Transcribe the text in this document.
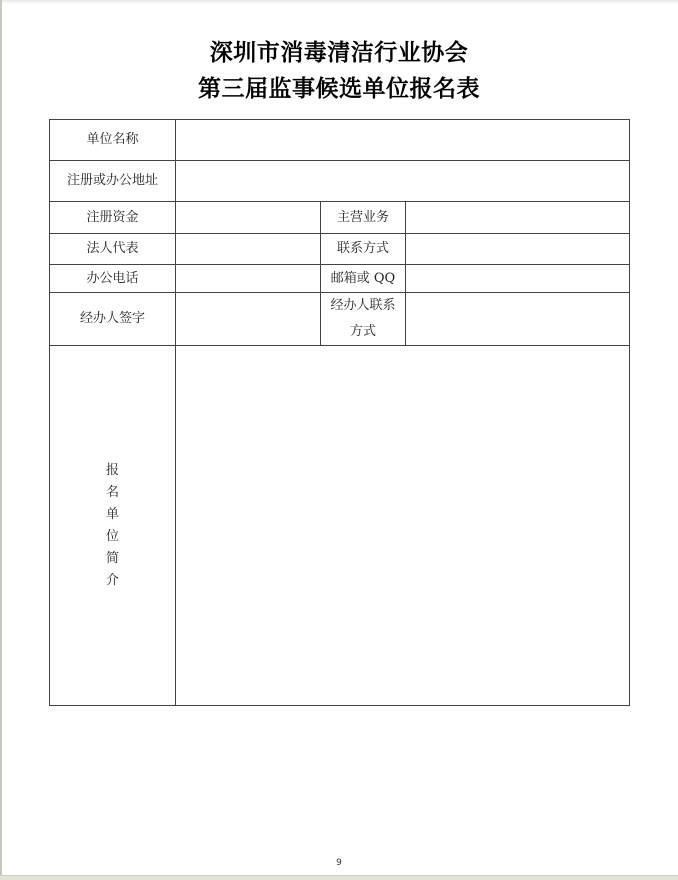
深圳市消毒清洁行业协会
第三届监事候选单位报名表
单位名称			

注册或办公地址			

注册资金		主营业务	

法人代表		联系方式	

办公电话		邮箱或 QQ	

经办人签字		经办人联系
方式	

报名单位简介			
9
